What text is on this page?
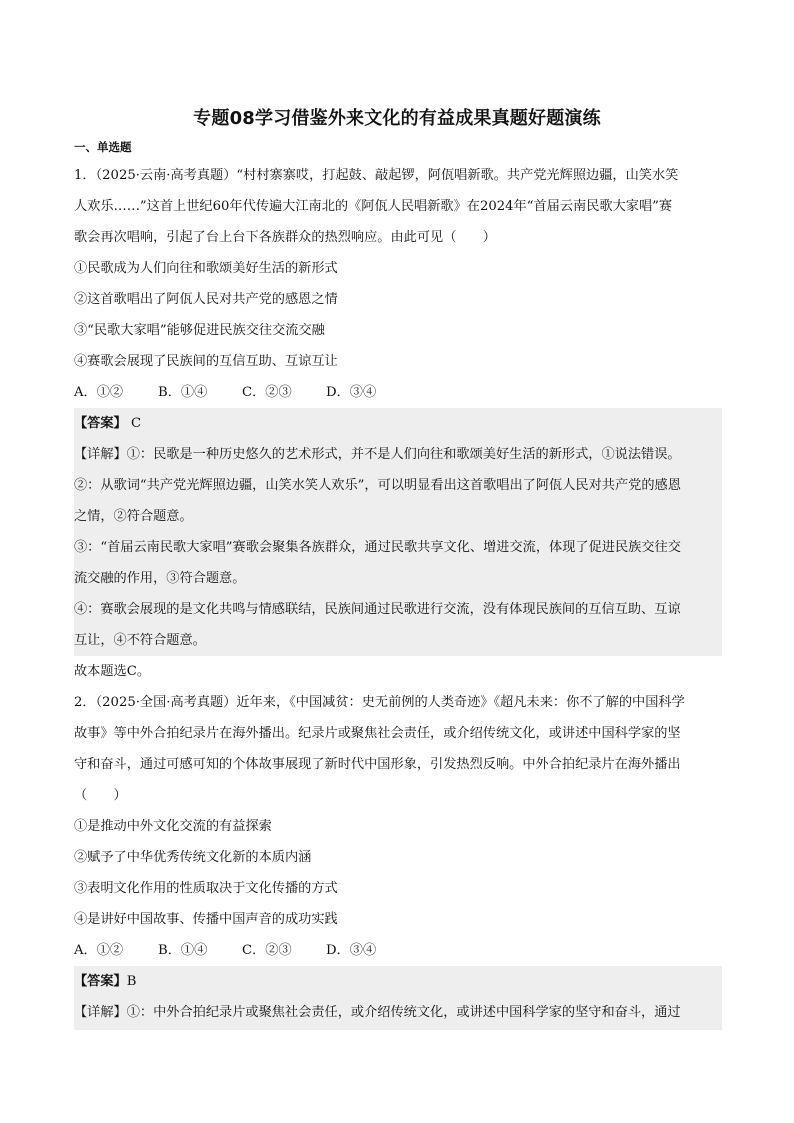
专题08学习借鉴外来文化的有益成果真题好题演练
一、单选题
1．（2025·云南·高考真题）“村村寨寨哎，打起鼓、敲起锣，阿佤唱新歌。共产党光辉照边疆，山笑水笑
人欢乐……”这首上世纪60年代传遍大江南北的《阿佤人民唱新歌》在2024年“首届云南民歌大家唱”赛
歌会再次唱响，引起了台上台下各族群众的热烈响应。由此可见（　　）
①民歌成为人们向往和歌颂美好生活的新形式
②这首歌唱出了阿佤人民对共产党的感恩之情
③“民歌大家唱”能够促进民族交往交流交融
④赛歌会展现了民族间的互信互助、互谅互让
A．①②	B．①④	C．②③	D．③④
【答案】 C
【详解】①：民歌是一种历史悠久的艺术形式，并不是人们向往和歌颂美好生活的新形式，①说法错误。
②：从歌词“共产党光辉照边疆，山笑水笑人欢乐”，可以明显看出这首歌唱出了阿佤人民对共产党的感恩
之情，②符合题意。
③：“首届云南民歌大家唱”赛歌会聚集各族群众，通过民歌共享文化、增进交流，体现了促进民族交往交
流交融的作用，③符合题意。
④：赛歌会展现的是文化共鸣与情感联结，民族间通过民歌进行交流，没有体现民族间的互信互助、互谅
互让，④不符合题意。
故本题选C。
2．（2025·全国·高考真题）近年来，《中国减贫：史无前例的人类奇迹》《超凡未来：你不了解的中国科学
故事》等中外合拍纪录片在海外播出。纪录片或聚焦社会责任，或介绍传统文化，或讲述中国科学家的坚
守和奋斗，通过可感可知的个体故事展现了新时代中国形象，引发热烈反响。中外合拍纪录片在海外播出
（　　）
①是推动中外文化交流的有益探索
②赋予了中华优秀传统文化新的本质内涵
③表明文化作用的性质取决于文化传播的方式
④是讲好中国故事、传播中国声音的成功实践
A．①②	B．①④	C．②③	D．③④
【答案】B
【详解】①：中外合拍纪录片或聚焦社会责任，或介绍传统文化，或讲述中国科学家的坚守和奋斗，通过
